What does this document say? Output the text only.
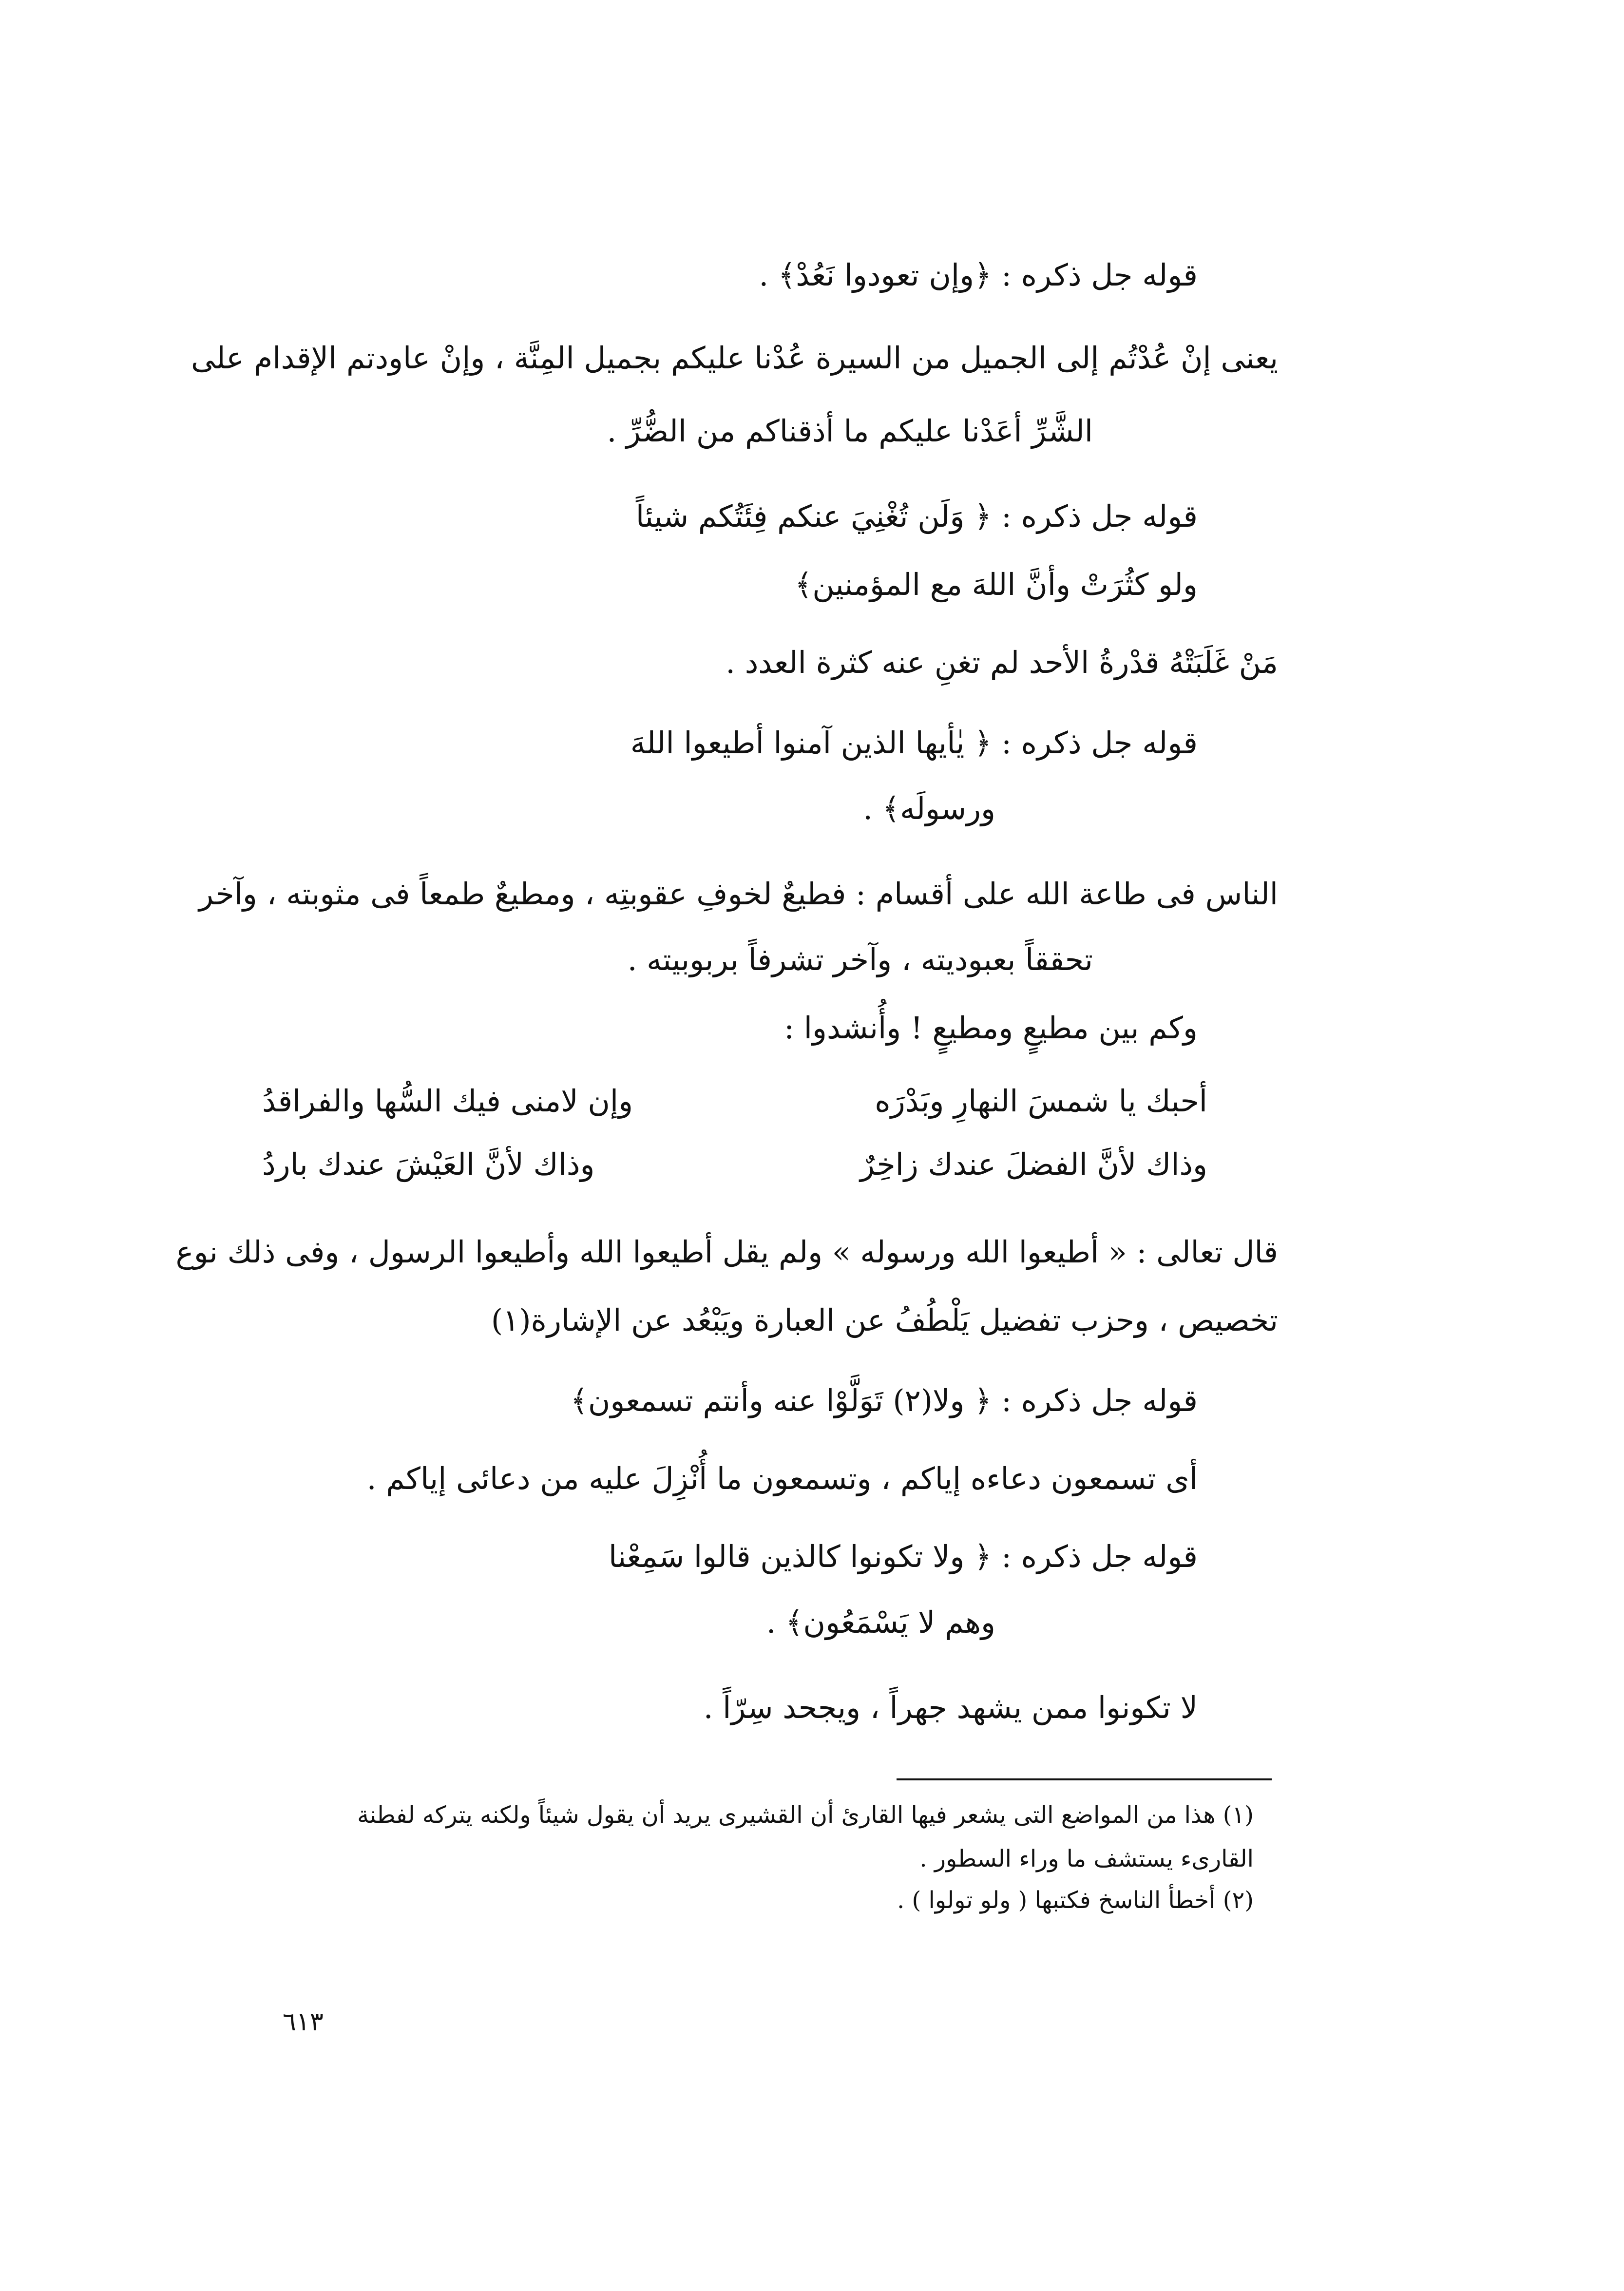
قوله جل ذكره : ﴿وإن تعودوا نَعُدْ﴾ .
يعنى إنْ عُدْتُم إلى الجميل من السيرة عُدْنا عليكم بجميل المِنَّة ، وإنْ عاودتم الإقدام على
الشَّرِّ أعَدْنا عليكم ما أذقناكم من الضُّرِّ .
قوله جل ذكره : ﴿ وَلَن تُغْنِيَ عنكم فِئَتُكم شيئاً
ولو كثُرَتْ وأنَّ اللهَ مع المؤمنين﴾
مَنْ غَلَبَتْهُ قدْرةُ الأحد لم تغنِ عنه كثرة العدد .
قوله جل ذكره : ﴿ يٰأيها الذين آمنوا أطيعوا اللهَ
ورسولَه﴾ .
الناس فى طاعة الله على أقسام : فطيعٌ لخوفِ عقوبتِه ، ومطيعٌ طمعاً فى مثوبته ، وآخر
تحققاً بعبوديته ، وآخر تشرفاً بربوبيته .
وكم بين مطيعٍ ومطيعٍ ! وأُنشدوا :
أحبك يا شمسَ النهارِ وبَدْرَه
وإن لامنى فيك السُّها والفراقدُ
وذاك لأنَّ الفضلَ عندك زاخِرٌ
وذاك لأنَّ العَيْشَ عندك باردُ
قال تعالى : « أطيعوا الله ورسوله » ولم يقل أطيعوا الله وأطيعوا الرسول ، وفى ذلك نوع
تخصيص ، وحزب تفضيل يَلْطُفُ عن العبارة ويَبْعُد عن الإشارة(١)
قوله جل ذكره : ﴿ ولا(٢) تَوَلَّوْا عنه وأنتم تسمعون﴾
أى تسمعون دعاءه إياكم ، وتسمعون ما أُنْزِلَ عليه من دعائى إياكم .
قوله جل ذكره : ﴿ ولا تكونوا كالذين قالوا سَمِعْنا
وهم لا يَسْمَعُون﴾ .
لا تكونوا ممن يشهد جهراً ، ويجحد سِرّاً .
(١) هذا من المواضع التى يشعر فيها القارئ أن القشيرى يريد أن يقول شيئاً ولكنه يتركه لفطنة
القارىء يستشف ما وراء السطور .
(٢) أخطأ الناسخ فكتبها ( ولو تولوا ) .
٦١٣
